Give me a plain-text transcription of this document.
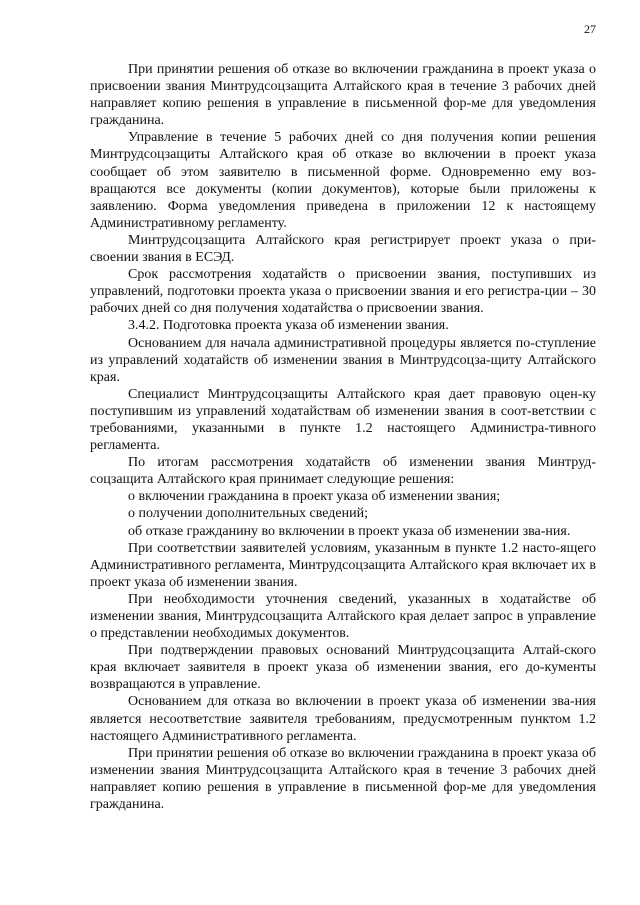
27

При принятии решения об отказе во включении гражданина в проект указа о присвоении звания Минтрудсоцзащита Алтайского края в течение 3 рабочих дней направляет копию решения в управление в письменной фор-ме для уведомления гражданина.

Управление в течение 5 рабочих дней со дня получения копии решения Минтрудсоцзащиты Алтайского края об отказе во включении в проект указа сообщает об этом заявителю в письменной форме. Одновременно ему воз-вращаются все документы (копии документов), которые были приложены к заявлению. Форма уведомления приведена в приложении 12 к настоящему Административному регламенту.

Минтрудсоцзащита Алтайского края регистрирует проект указа о при-своении звания в ЕСЭД.

Срок рассмотрения ходатайств о присвоении звания, поступивших из управлений, подготовки проекта указа о присвоении звания и его регистра-ции – 30 рабочих дней со дня получения ходатайства о присвоении звания.

3.4.2. Подготовка проекта указа об изменении звания.

Основанием для начала административной процедуры является по-ступление из управлений ходатайств об изменении звания в Минтрудсоцза-щиту Алтайского края.

Специалист Минтрудсоцзащиты Алтайского края дает правовую оцен-ку поступившим из управлений ходатайствам об изменении звания в соот-ветствии с требованиями, указанными в пункте 1.2 настоящего Администра-тивного регламента.

По итогам рассмотрения ходатайств об изменении звания Минтруд-соцзащита Алтайского края принимает следующие решения:

о включении гражданина в проект указа об изменении звания;

о получении дополнительных сведений;

об отказе гражданину во включении в проект указа об изменении зва-ния.

При соответствии заявителей условиям, указанным в пункте 1.2 насто-ящего Административного регламента, Минтрудсоцзащита Алтайского края включает их в проект указа об изменении звания.

При необходимости уточнения сведений, указанных в ходатайстве об изменении звания, Минтрудсоцзащита Алтайского края делает запрос в управление о представлении необходимых документов.

При подтверждении правовых оснований Минтрудсоцзащита Алтай-ского края включает заявителя в проект указа об изменении звания, его до-кументы возвращаются в управление.

Основанием для отказа во включении в проект указа об изменении зва-ния является несоответствие заявителя требованиям, предусмотренным пунктом 1.2 настоящего Административного регламента.

При принятии решения об отказе во включении гражданина в проект указа об изменении звания Минтрудсоцзащита Алтайского края в течение 3 рабочих дней направляет копию решения в управление в письменной фор-ме для уведомления гражданина.
